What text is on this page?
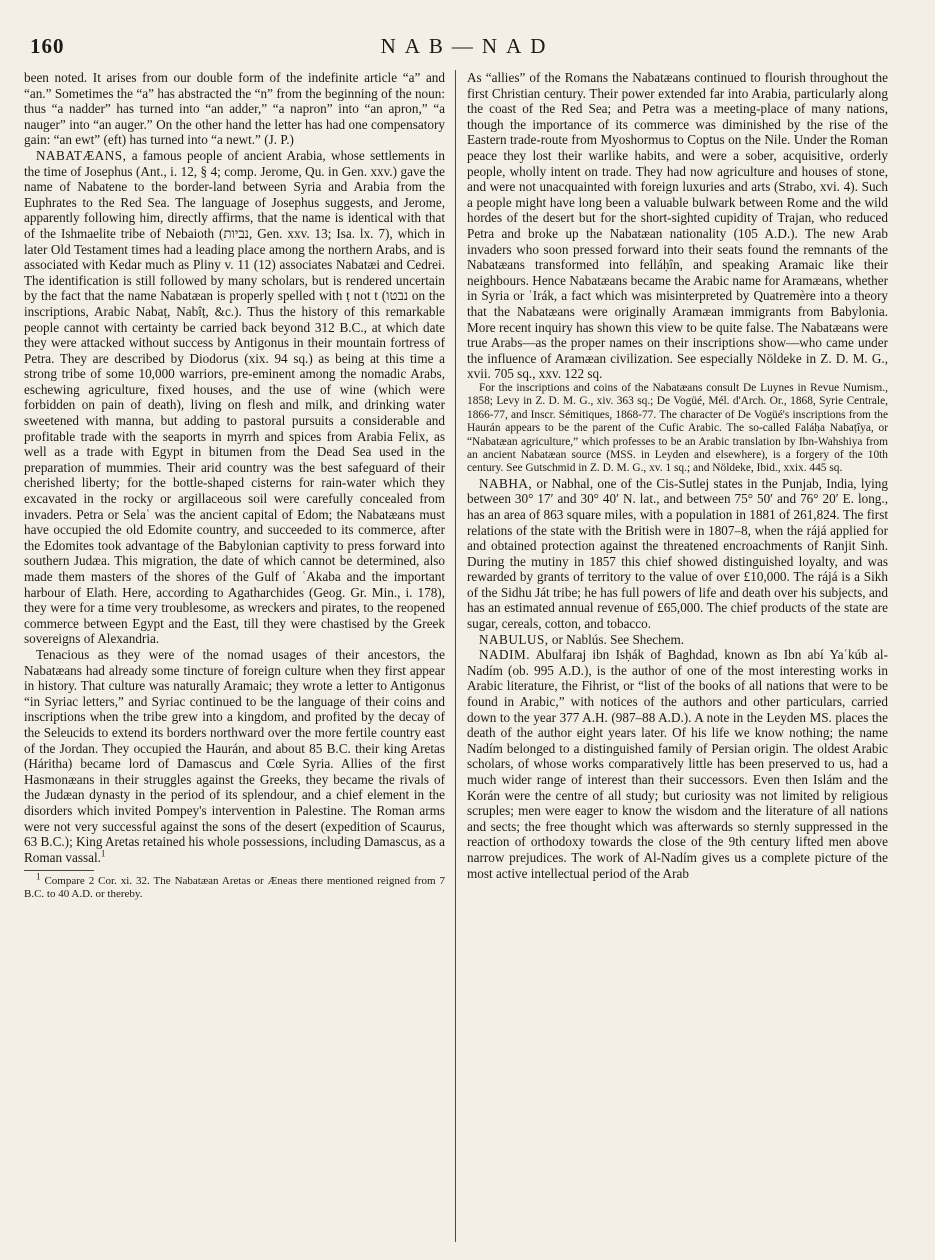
160	NAB—NAD

been noted. It arises from our double form of the indefinite article “a” and “an.” Sometimes the “a” has abstracted the “n” from the beginning of the noun: thus “a nadder” has turned into “an adder,” “a napron” into “an apron,” “a nauger” into “an auger.” On the other hand the letter has had one compensatory gain: “an ewt” (eft) has turned into “a newt.” (J. P.)

NABATÆANS, a famous people of ancient Arabia, whose settlements in the time of Josephus (Ant., i. 12, § 4; comp. Jerome, Qu. in Gen. xxv.) gave the name of Nabatene to the border-land between Syria and Arabia from the Euphrates to the Red Sea. The language of Josephus suggests, and Jerome, apparently following him, directly affirms, that the name is identical with that of the Ishmaelite tribe of Nebaioth (נביות, Gen. xxv. 13; Isa. lx. 7), which in later Old Testament times had a leading place among the northern Arabs, and is associated with Kedar much as Pliny v. 11 (12) associates Nabatæi and Cedrei. The identification is still followed by many scholars, but is rendered uncertain by the fact that the name Nabatæan is properly spelled with ṭ not t (נבטו on the inscriptions, Arabic Nabaṭ, Nabîṭ, &c.). Thus the history of this remarkable people cannot with certainty be carried back beyond 312 B.C., at which date they were attacked without success by Antigonus in their mountain fortress of Petra. They are described by Diodorus (xix. 94 sq.) as being at this time a strong tribe of some 10,000 warriors, pre-eminent among the nomadic Arabs, eschewing agriculture, fixed houses, and the use of wine (which were forbidden on pain of death), living on flesh and milk, and drinking water sweetened with manna, but adding to pastoral pursuits a considerable and profitable trade with the seaports in myrrh and spices from Arabia Felix, as well as a trade with Egypt in bitumen from the Dead Sea used in the preparation of mummies. Their arid country was the best safeguard of their cherished liberty; for the bottle-shaped cisterns for rain-water which they excavated in the rocky or argillaceous soil were carefully concealed from invaders. Petra or Selaʿ was the ancient capital of Edom; the Nabatæans must have occupied the old Edomite country, and succeeded to its commerce, after the Edomites took advantage of the Babylonian captivity to press forward into southern Judæa. This migration, the date of which cannot be determined, also made them masters of the shores of the Gulf of ʿAkaba and the important harbour of Elath. Here, according to Agatharchides (Geog. Gr. Min., i. 178), they were for a time very troublesome, as wreckers and pirates, to the reopened commerce between Egypt and the East, till they were chastised by the Greek sovereigns of Alexandria.

Tenacious as they were of the nomad usages of their ancestors, the Nabatæans had already some tincture of foreign culture when they first appear in history. That culture was naturally Aramaic; they wrote a letter to Antigonus “in Syriac letters,” and Syriac continued to be the language of their coins and inscriptions when the tribe grew into a kingdom, and profited by the decay of the Seleucids to extend its borders northward over the more fertile country east of the Jordan. They occupied the Haurán, and about 85 B.C. their king Aretas (Háritha) became lord of Damascus and Cœle Syria. Allies of the first Hasmonæans in their struggles against the Greeks, they became the rivals of the Judæan dynasty in the period of its splendour, and a chief element in the disorders which invited Pompey's intervention in Palestine. The Roman arms were not very successful against the sons of the desert (expedition of Scaurus, 63 B.C.); King Aretas retained his whole possessions, including Damascus, as a Roman vassal.$^1$

$^1$ Compare 2 Cor. xi. 32. The Nabatæan Aretas or Æneas there mentioned reigned from 7 B.C. to 40 A.D. or thereby.

As “allies” of the Romans the Nabatæans continued to flourish throughout the first Christian century. Their power extended far into Arabia, particularly along the coast of the Red Sea; and Petra was a meeting-place of many nations, though the importance of its commerce was diminished by the rise of the Eastern trade-route from Myoshormus to Coptus on the Nile. Under the Roman peace they lost their warlike habits, and were a sober, acquisitive, orderly people, wholly intent on trade. They had now agriculture and houses of stone, and were not unacquainted with foreign luxuries and arts (Strabo, xvi. 4). Such a people might have long been a valuable bulwark between Rome and the wild hordes of the desert but for the short-sighted cupidity of Trajan, who reduced Petra and broke up the Nabatæan nationality (105 A.D.). The new Arab invaders who soon pressed forward into their seats found the remnants of the Nabatæans transformed into felláḥîn, and speaking Aramaic like their neighbours. Hence Nabatæans became the Arabic name for Aramæans, whether in Syria or ʿIrák, a fact which was misinterpreted by Quatremère into a theory that the Nabatæans were originally Aramæan immigrants from Babylonia. More recent inquiry has shown this view to be quite false. The Nabatæans were true Arabs—as the proper names on their inscriptions show—who came under the influence of Aramæan civilization. See especially Nöldeke in Z. D. M. G., xvii. 705 sq., xxv. 122 sq.

For the inscriptions and coins of the Nabatæans consult De Luynes in Revue Numism., 1858; Levy in Z. D. M. G., xiv. 363 sq.; De Vogüé, Mél. d'Arch. Or., 1868, Syrie Centrale, 1866-77, and Inscr. Sémitiques, 1868-77. The character of De Vogüé's inscriptions from the Haurán appears to be the parent of the Cufic Arabic. The so-called Faláḥa Nabaṭîya, or “Nabatæan agriculture,” which professes to be an Arabic translation by Ibn-Wahshiya from an ancient Nabatæan source (MSS. in Leyden and elsewhere), is a forgery of the 10th century. See Gutschmid in Z. D. M. G., xv. 1 sq.; and Nöldeke, Ibid., xxix. 445 sq.

NABHA, or Nabhal, one of the Cis-Sutlej states in the Punjab, India, lying between 30° 17′ and 30° 40′ N. lat., and between 75° 50′ and 76° 20′ E. long., has an area of 863 square miles, with a population in 1881 of 261,824. The first relations of the state with the British were in 1807–8, when the rájá applied for and obtained protection against the threatened encroachments of Ranjit Sinh. During the mutiny in 1857 this chief showed distinguished loyalty, and was rewarded by grants of territory to the value of over £10,000. The rájá is a Sikh of the Sidhu Ját tribe; he has full powers of life and death over his subjects, and has an estimated annual revenue of £65,000. The chief products of the state are sugar, cereals, cotton, and tobacco.

NABULUS, or Nablús. See Shechem.

NADIM. Abulfaraj ibn Isḥák of Baghdad, known as Ibn abí Yaʿkúb al-Nadím (ob. 995 A.D.), is the author of one of the most interesting works in Arabic literature, the Fihrist, or “list of the books of all nations that were to be found in Arabic,” with notices of the authors and other particulars, carried down to the year 377 A.H. (987–88 A.D.). A note in the Leyden MS. places the death of the author eight years later. Of his life we know nothing; the name Nadím belonged to a distinguished family of Persian origin. The oldest Arabic scholars, of whose works comparatively little has been preserved to us, had a much wider range of interest than their successors. Even then Islám and the Korán were the centre of all study; but curiosity was not limited by religious scruples; men were eager to know the wisdom and the literature of all nations and sects; the free thought which was afterwards so sternly suppressed in the reaction of orthodoxy towards the close of the 9th century lifted men above narrow prejudices. The work of Al-Nadím gives us a complete picture of the most active intellectual period of the Arab
